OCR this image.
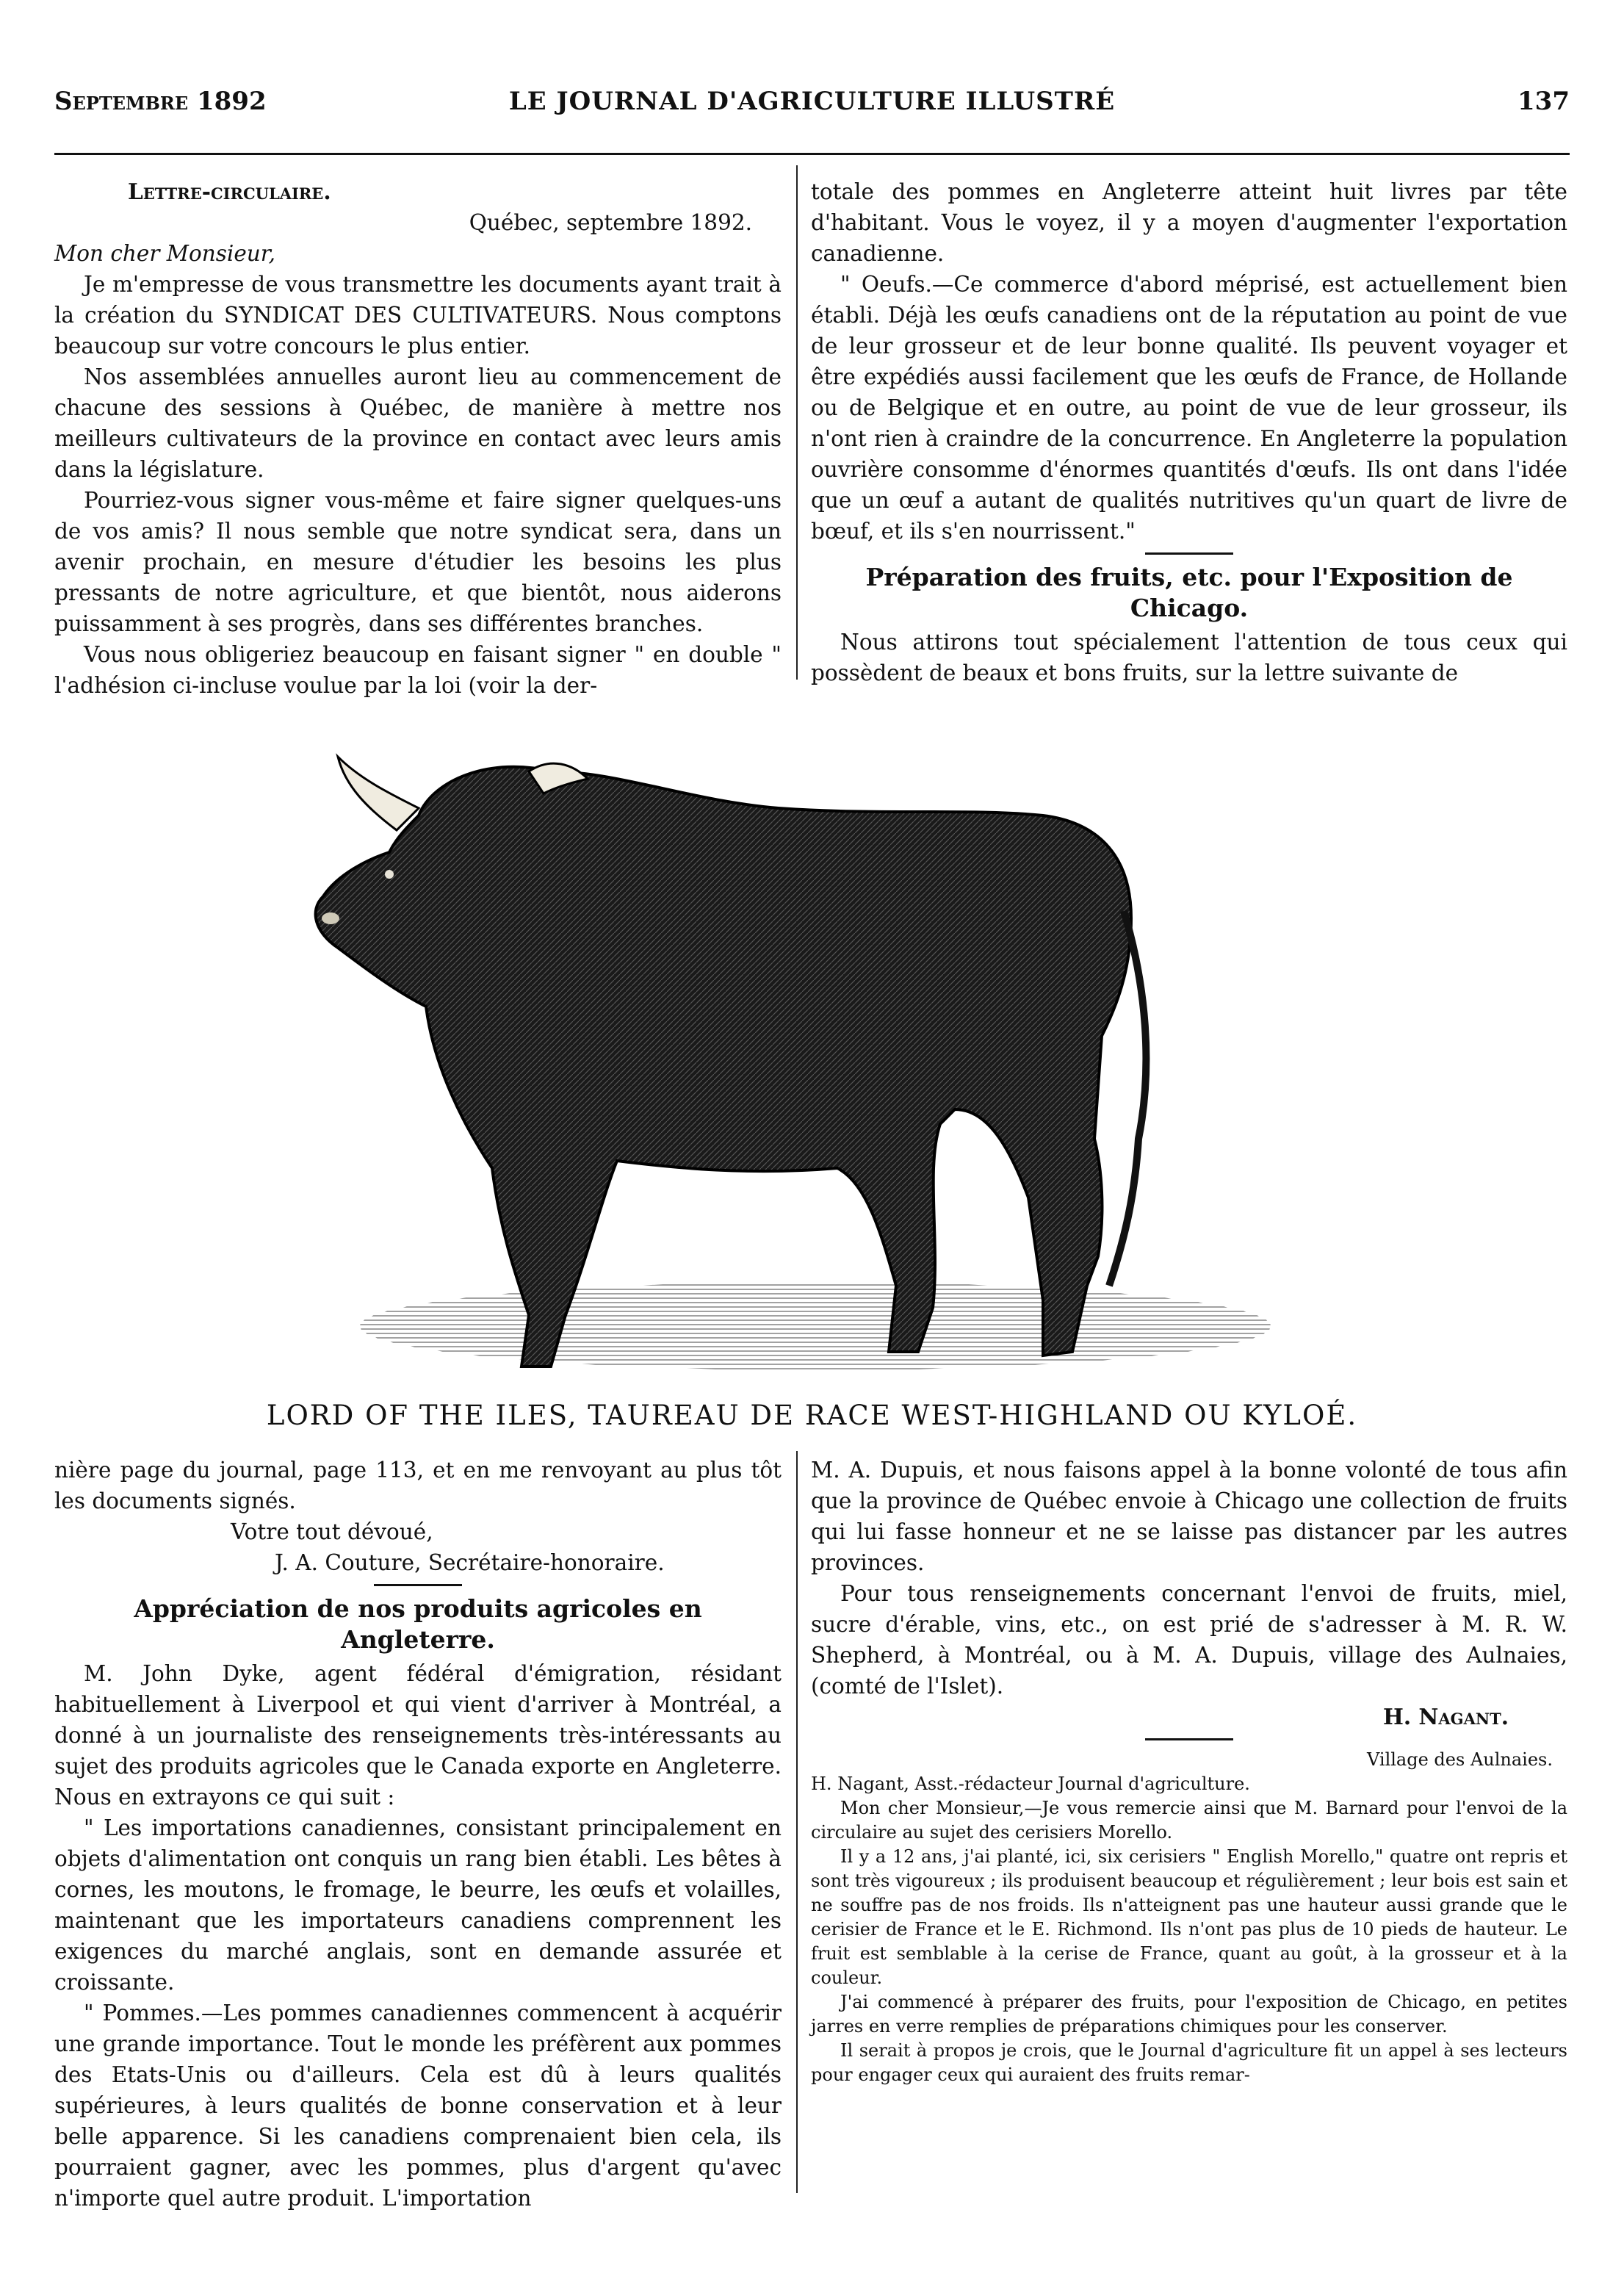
Septembre 1892	LE JOURNAL D'AGRICULTURE ILLUSTRÉ	137

Lettre-circulaire.

Québec, septembre 1892.

Mon cher Monsieur,

Je m'empresse de vous transmettre les documents ayant trait à la création du SYNDICAT DES CULTIVATEURS. Nous comptons beaucoup sur votre concours le plus entier.

Nos assemblées annuelles auront lieu au commencement de chacune des sessions à Québec, de manière à mettre nos meilleurs cultivateurs de la province en contact avec leurs amis dans la législature.

Pourriez-vous signer vous-même et faire signer quelques-uns de vos amis? Il nous semble que notre syndicat sera, dans un avenir prochain, en mesure d'étudier les besoins les plus pressants de notre agriculture, et que bientôt, nous aiderons puissamment à ses progrès, dans ses différentes branches.

Vous nous obligeriez beaucoup en faisant signer " en double " l'adhésion ci-incluse voulue par la loi (voir la der-

totale des pommes en Angleterre atteint huit livres par tête d'habitant. Vous le voyez, il y a moyen d'augmenter l'exportation canadienne.

" Oeufs.—Ce commerce d'abord méprisé, est actuellement bien établi. Déjà les œufs canadiens ont de la réputation au point de vue de leur grosseur et de leur bonne qualité. Ils peuvent voyager et être expédiés aussi facilement que les œufs de France, de Hollande ou de Belgique et en outre, au point de vue de leur grosseur, ils n'ont rien à craindre de la concurrence. En Angleterre la population ouvrière consomme d'énormes quantités d'œufs. Ils ont dans l'idée que un œuf a autant de qualités nutritives qu'un quart de livre de bœuf, et ils s'en nourrissent."

Préparation des fruits, etc. pour l'Exposition de Chicago.

Nous attirons tout spécialement l'attention de tous ceux qui possèdent de beaux et bons fruits, sur la lettre suivante de

LORD OF THE ILES, TAUREAU DE RACE WEST-HIGHLAND OU KYLOÉ.

nière page du journal, page 113, et en me renvoyant au plus tôt les documents signés.

Votre tout dévoué,

J. A. Couture, Secrétaire-honoraire.

Appréciation de nos produits agricoles en Angleterre.

M. John Dyke, agent fédéral d'émigration, résidant habituellement à Liverpool et qui vient d'arriver à Montréal, a donné à un journaliste des renseignements très-intéressants au sujet des produits agricoles que le Canada exporte en Angleterre. Nous en extrayons ce qui suit :

" Les importations canadiennes, consistant principalement en objets d'alimentation ont conquis un rang bien établi. Les bêtes à cornes, les moutons, le fromage, le beurre, les œufs et volailles, maintenant que les importateurs canadiens comprennent les exigences du marché anglais, sont en demande assurée et croissante.

" Pommes.—Les pommes canadiennes commencent à acquérir une grande importance. Tout le monde les préfèrent aux pommes des Etats-Unis ou d'ailleurs. Cela est dû à leurs qualités supérieures, à leurs qualités de bonne conservation et à leur belle apparence. Si les canadiens comprenaient bien cela, ils pourraient gagner, avec les pommes, plus d'argent qu'avec n'importe quel autre produit. L'importation

M. A. Dupuis, et nous faisons appel à la bonne volonté de tous afin que la province de Québec envoie à Chicago une collection de fruits qui lui fasse honneur et ne se laisse pas distancer par les autres provinces.

Pour tous renseignements concernant l'envoi de fruits, miel, sucre d'érable, vins, etc., on est prié de s'adresser à M. R. W. Shepherd, à Montréal, ou à M. A. Dupuis, village des Aulnaies, (comté de l'Islet).

H. Nagant.

Village des Aulnaies.

H. Nagant, Asst.-rédacteur Journal d'agriculture.

Mon cher Monsieur,—Je vous remercie ainsi que M. Barnard pour l'envoi de la circulaire au sujet des cerisiers Morello.

Il y a 12 ans, j'ai planté, ici, six cerisiers " English Morello," quatre ont repris et sont très vigoureux ; ils produisent beaucoup et régulièrement ; leur bois est sain et ne souffre pas de nos froids. Ils n'atteignent pas une hauteur aussi grande que le cerisier de France et le E. Richmond. Ils n'ont pas plus de 10 pieds de hauteur. Le fruit est semblable à la cerise de France, quant au goût, à la grosseur et à la couleur.

J'ai commencé à préparer des fruits, pour l'exposition de Chicago, en petites jarres en verre remplies de préparations chimiques pour les conserver.

Il serait à propos je crois, que le Journal d'agriculture fit un appel à ses lecteurs pour engager ceux qui auraient des fruits remar-
